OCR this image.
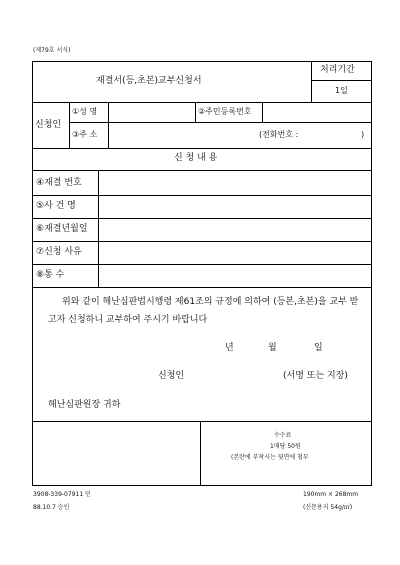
(제79호 서식)
재결서(등,초본)교부신청서
처리기간
1일
신청인
①성 명	②주민등록번호
③주 소	(전화번호 :	)
신 청 내 용
④재결 번호
⑤사 건 명
⑥재결년월일
⑦신청 사유
⑧통 수
위와 같이 해난심판법시행령 제61조의 규정에 의하여 (등본,초본)을 교부 받
고자 신청하니 교부하여 주시기 바랍니다
년	월	일
신청인	(서명 또는 지장)
해난심판원장 귀하
수수료
1매당 50원
(본란에 부착시는 뒷면에 첨부
3908-339-07911 민
88.10.7 승인
190mm × 268mm
(신문용지 54g/㎡)
